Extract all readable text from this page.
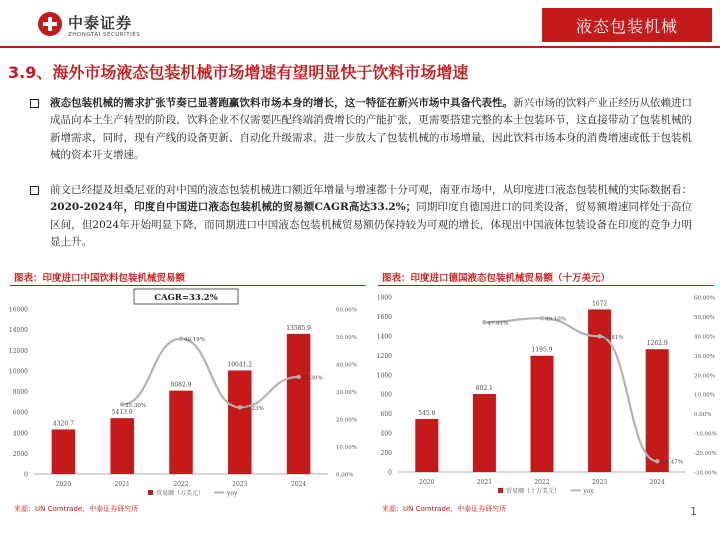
中泰证券
ZHONGTAI SECURITIES	液态包装机械
3.9、海外市场液态包装机械市场增速有望明显快于饮料市场增速
液态包装机械的需求扩张节奏已显著跑赢饮料市场本身的增长，这一特征在新兴市场中具备代表性。新兴市场的饮料产业正经历从依赖进口成品向本土生产转型的阶段，饮料企业不仅需要匹配终端消费增长的产能扩张，更需要搭建完整的本土包装环节，这直接带动了包装机械的新增需求，同时，现有产线的设备更新、自动化升级需求，进一步放大了包装机械的市场增量，因此饮料市场本身的消费增速或低于包装机械的资本开支增速。
前文已经提及坦桑尼亚的对中国的液态包装机械进口额近年增量与增速都十分可观，南亚市场中，从印度进口液态包装机械的实际数据看：2020-2024年，印度自中国进口液态包装机械的贸易额CAGR高达33.2%；同期印度自德国进口的同类设备，贸易额增速同样处于高位区间，但2024年开始明显下降，而同期进口中国液态包装机械贸易额仍保持较为可观的增长，体现出中国液体包装设备在印度的竞争力明显上升。
图表：印度进口中国饮料包装机械贸易额	图表：印度进口德国液态包装机械贸易额（十万美元）
0
2000
4000
6000
8000
10000
12000
14000
16000
0.00%
10.00%
20.00%
30.00%
40.00%
50.00%
60.00%
2020
4320.7
2021
5413.9
2022
8082.9
2023
10041.2
2024
13585.9
25.30%
49.19%
24.23%
35.30%
贸易额（万美元）	yoy
CAGR=33.2%
0
200
400
600
800
1000
1200
1400
1600
1800
-30.00%
-20.00%
-10.00%
0.00%
10.00%
20.00%
30.00%
40.00%
50.00%
60.00%
2020
545.6
2021
802.1
2022
1195.9
2023
1672
2024
1262.9
47.01%
49.10%
39.81%
-24.47%
贸易额（十万美元）	yoy
来源：UN Comtrade，中泰证券研究所	来源：UN Comtrade，中泰证券研究所	1
